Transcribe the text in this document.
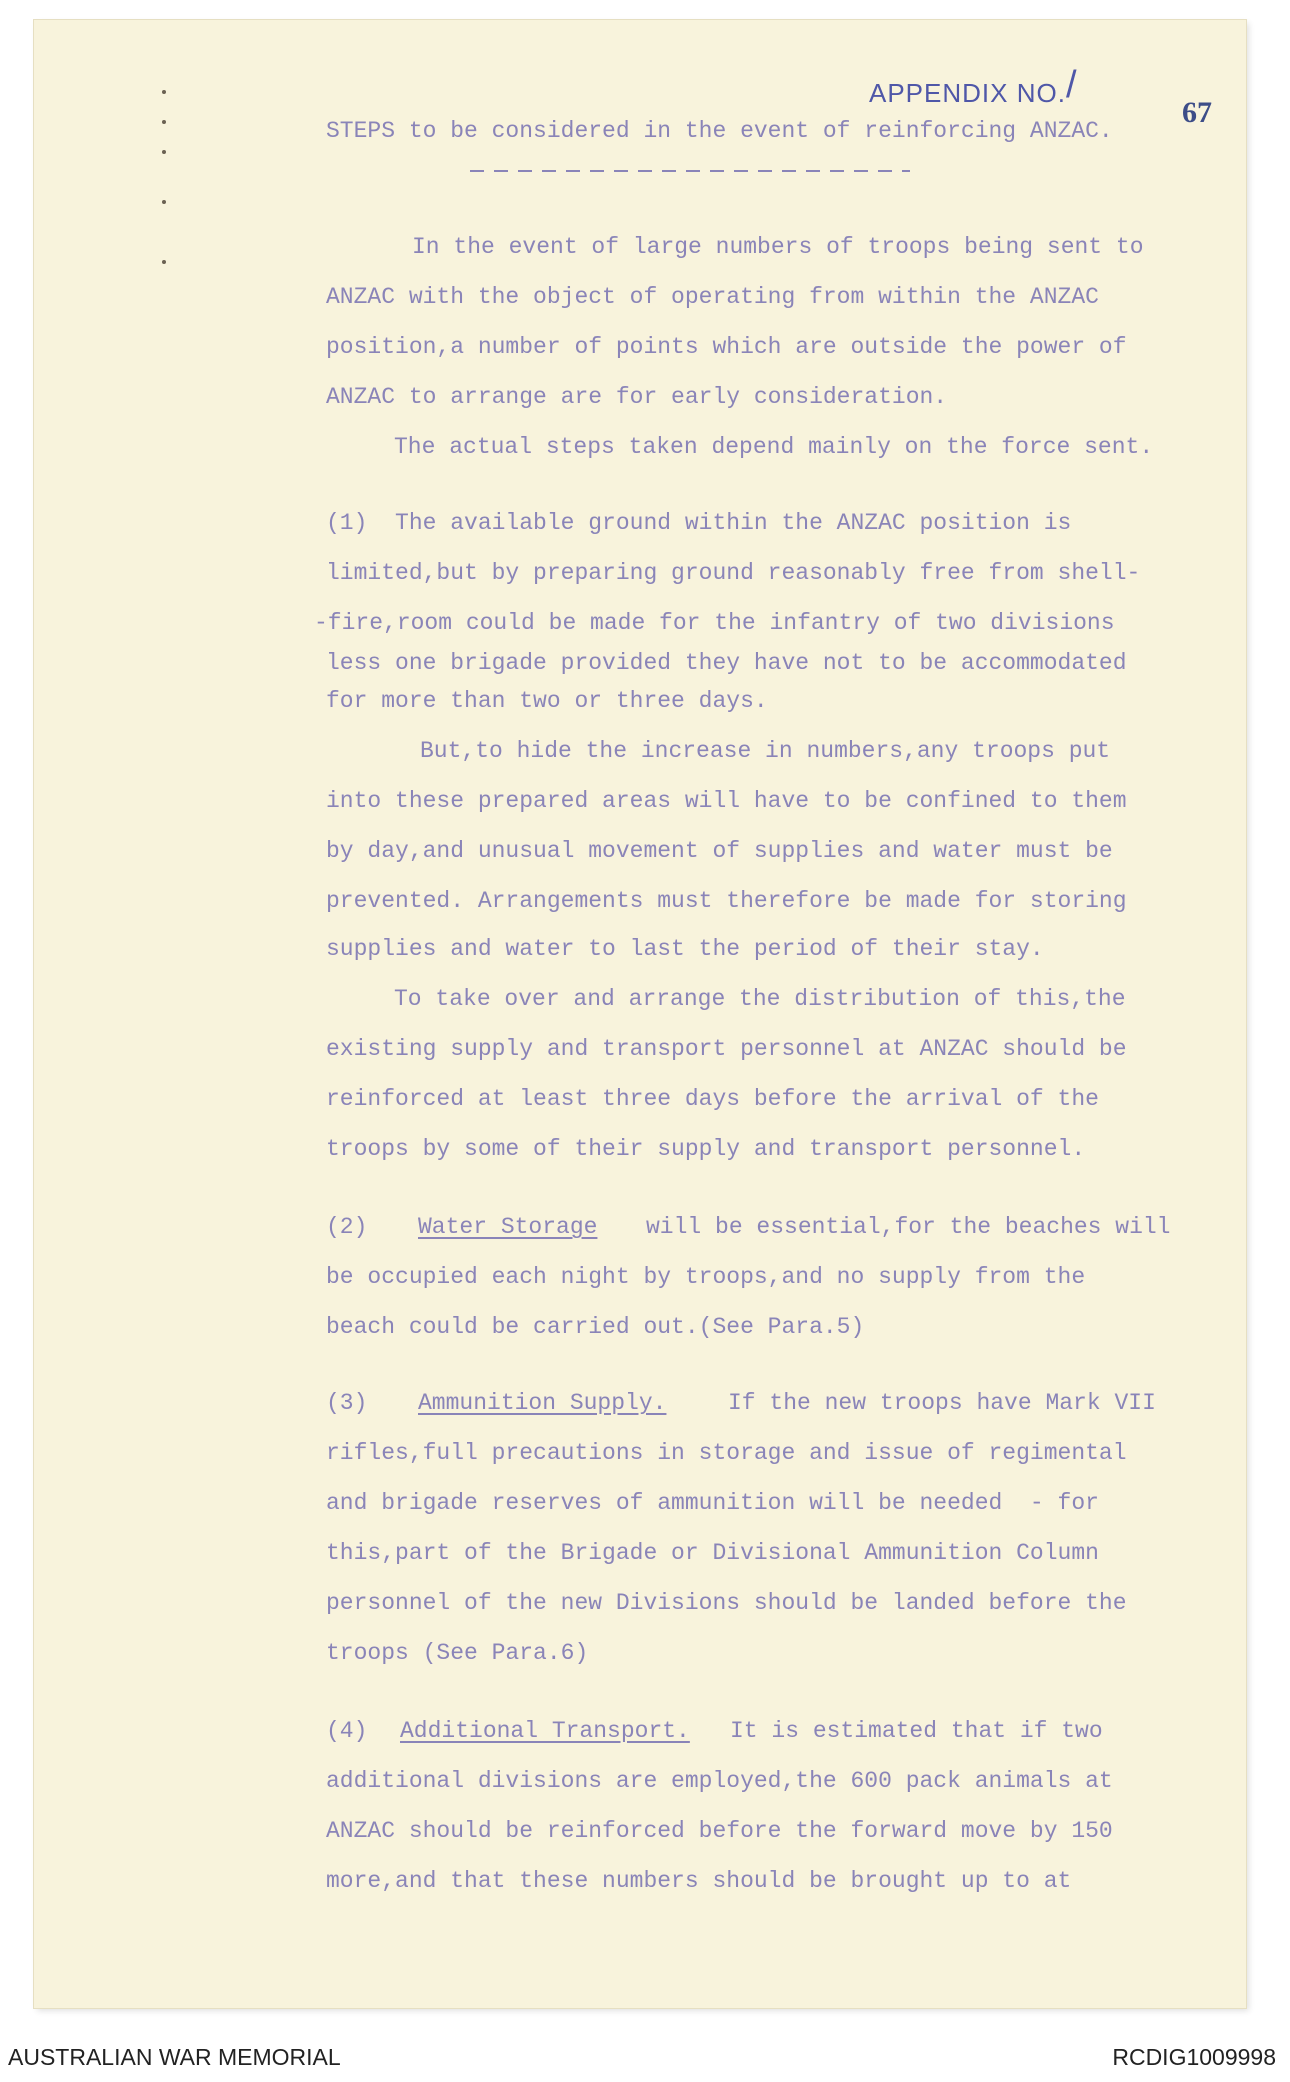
APPENDIX NO. /
67
STEPS to be considered in the event of reinforcing ANZAC.
In the event of large numbers of troops being sent to
ANZAC with the object of operating from within the ANZAC
position,a number of points which are outside the power of
ANZAC to arrange are for early consideration.
The actual steps taken depend mainly on the force sent.
(1)  The available ground within the ANZAC position is
limited,but by preparing ground reasonably free from shell-
-fire,room could be made for the infantry of two divisions
less one brigade provided they have not to be accommodated
for more than two or three days.
But,to hide the increase in numbers,any troops put
into these prepared areas will have to be confined to them
by day,and unusual movement of supplies and water must be
prevented. Arrangements must therefore be made for storing
supplies and water to last the period of their stay.
To take over and arrange the distribution of this,the
existing supply and transport personnel at ANZAC should be
reinforced at least three days before the arrival of the
troops by some of their supply and transport personnel.
(2) Water Storage will be essential,for the beaches will
be occupied each night by troops,and no supply from the
beach could be carried out.(See Para.5)
(3) Ammunition Supply.	If the new troops have Mark VII
rifles,full precautions in storage and issue of regimental
and brigade reserves of ammunition will be needed  - for
this,part of the Brigade or Divisional Ammunition Column
personnel of the new Divisions should be landed before the
troops (See Para.6)
(4) Additional Transport. It is estimated that if two
additional divisions are employed,the 600 pack animals at
ANZAC should be reinforced before the forward move by 150
more,and that these numbers should be brought up to at
AUSTRALIAN WAR MEMORIAL	RCDIG1009998
